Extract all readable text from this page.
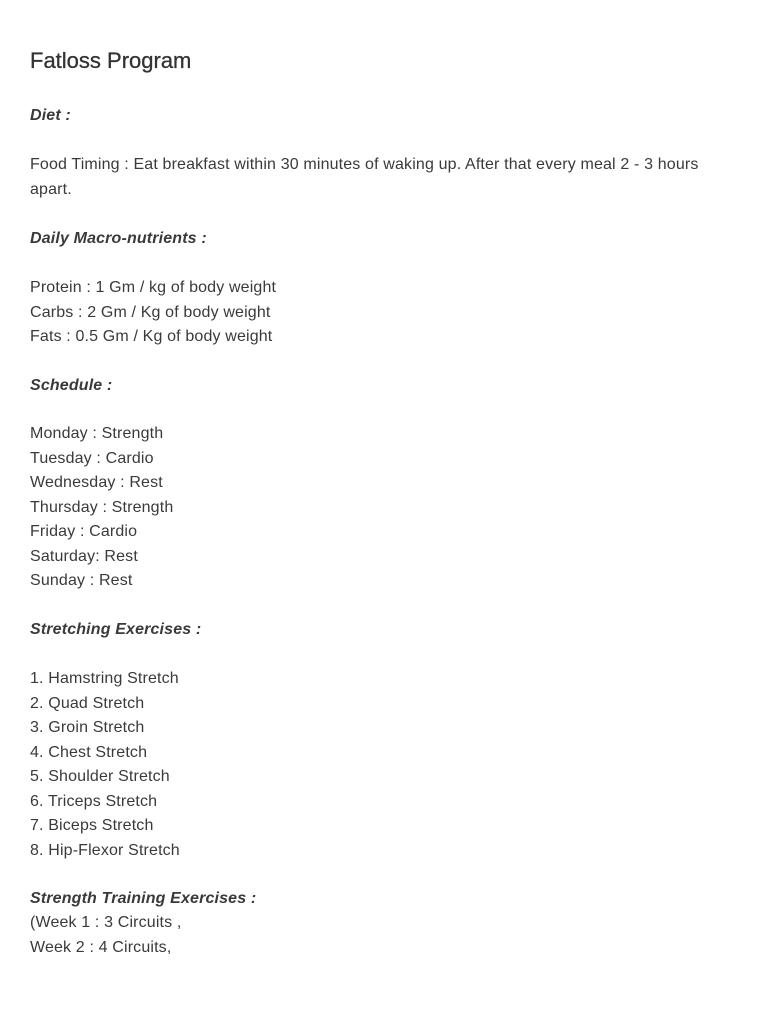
Fatloss Program
Diet :
Food Timing : Eat breakfast within 30 minutes of waking up. After that every meal 2 - 3 hours apart.
Daily Macro-nutrients :
Protein : 1 Gm / kg of body weight
Carbs : 2 Gm / Kg of body weight
Fats : 0.5 Gm / Kg of body weight
Schedule :
Monday : Strength
Tuesday : Cardio
Wednesday : Rest
Thursday : Strength
Friday : Cardio
Saturday: Rest
Sunday : Rest
Stretching Exercises :
1. Hamstring Stretch
2. Quad Stretch
3. Groin Stretch
4. Chest Stretch
5. Shoulder Stretch
6. Triceps Stretch
7. Biceps Stretch
8. Hip-Flexor Stretch
Strength Training Exercises :
(Week 1 : 3 Circuits ,
Week 2 : 4 Circuits,
